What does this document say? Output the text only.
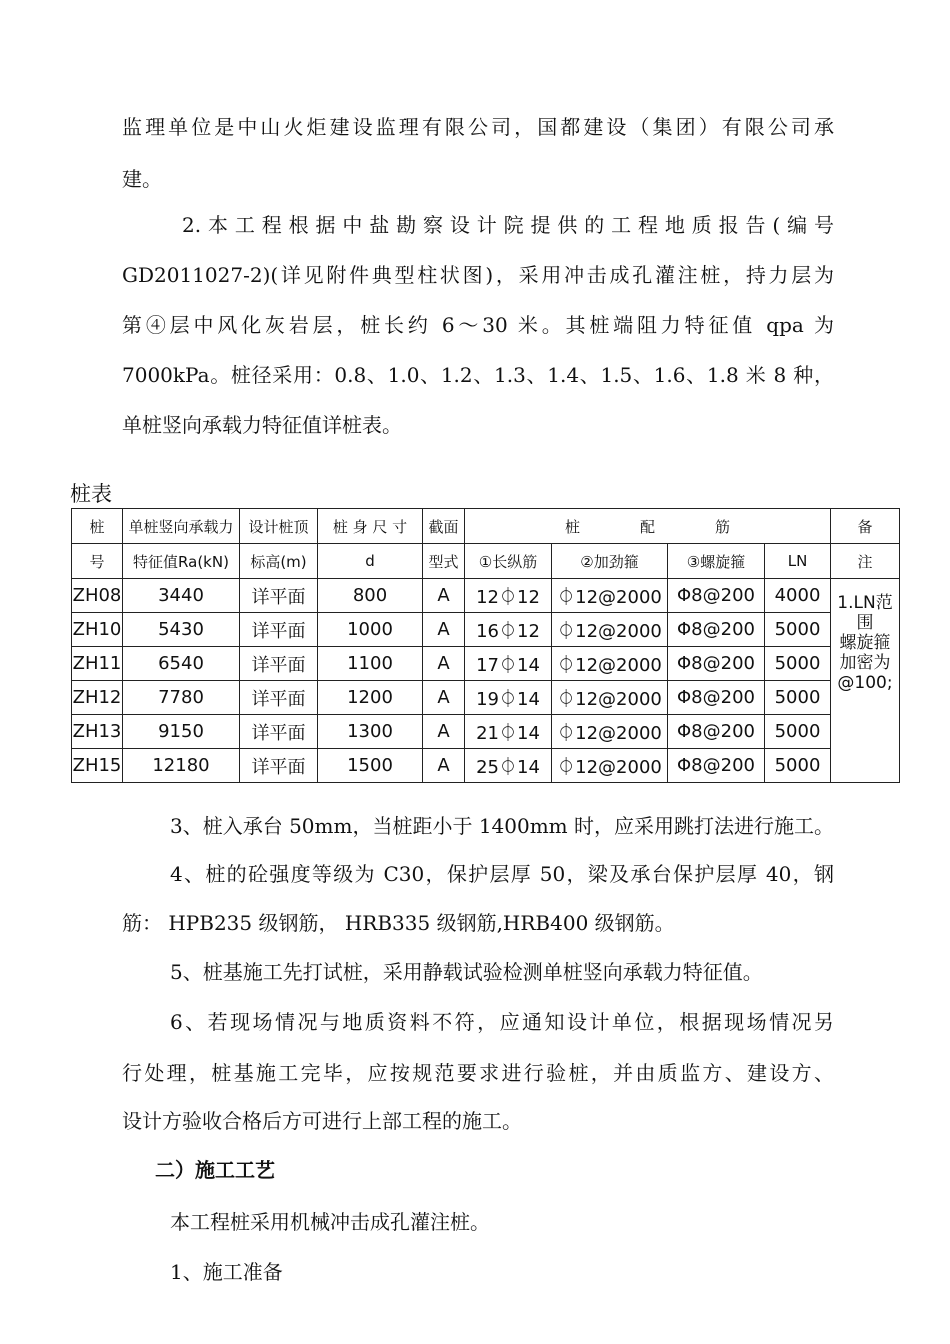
监理单位是中山火炬建设监理有限公司，国都建设（集团）有限公司承

建。

2.本工程根据中盐勘察设计院提供的工程地质报告(编号

GD2011027-2)(详见附件典型柱状图)，采用冲击成孔灌注桩，持力层为

第④层中风化灰岩层，桩长约 6～30 米。其桩端阻力特征值 qpa 为

7000kPa。桩径采用：0.8、1.0、1.2、1.3、1.4、1.5、1.6、1.8 米 8 种，

单桩竖向承载力特征值详桩表。

桩表
桩	单桩竖向承载力	设计桩顶	桩 身 尺 寸	截面	桩　　　　配　　　　筋				备
号	特征值Ra(kN)	标高(m)	d	型式	①长纵筋	②加劲箍	③螺旋箍	LN	注
ZH08	3440	详平面	800	A	12⏀12	⏀12@2000	Φ8@200	4000	1.LN范围
螺旋箍
加密为
@100;

ZH10	5430	详平面	1000	A	16⏀12	⏀12@2000	Φ8@200	5000	
ZH11	6540	详平面	1100	A	17⏀14	⏀12@2000	Φ8@200	5000	
ZH12	7780	详平面	1200	A	19⏀14	⏀12@2000	Φ8@200	5000	
ZH13	9150	详平面	1300	A	21⏀14	⏀12@2000	Φ8@200	5000	
ZH15	12180	详平面	1500	A	25⏀14	⏀12@2000	Φ8@200	5000	

3、桩入承台 50mm，当桩距小于 1400mm 时，应采用跳打法进行施工。

4、桩的砼强度等级为 C30，保护层厚 50，梁及承台保护层厚 40，钢

筋： HPB235 级钢筋， HRB335 级钢筋,HRB400 级钢筋。

5、桩基施工先打试桩，采用静载试验检测单桩竖向承载力特征值。

6、若现场情况与地质资料不符，应通知设计单位，根据现场情况另

行处理，桩基施工完毕，应按规范要求进行验桩，并由质监方、建设方、

设计方验收合格后方可进行上部工程的施工。

二）施工工艺

本工程桩采用机械冲击成孔灌注桩。

1、施工准备
